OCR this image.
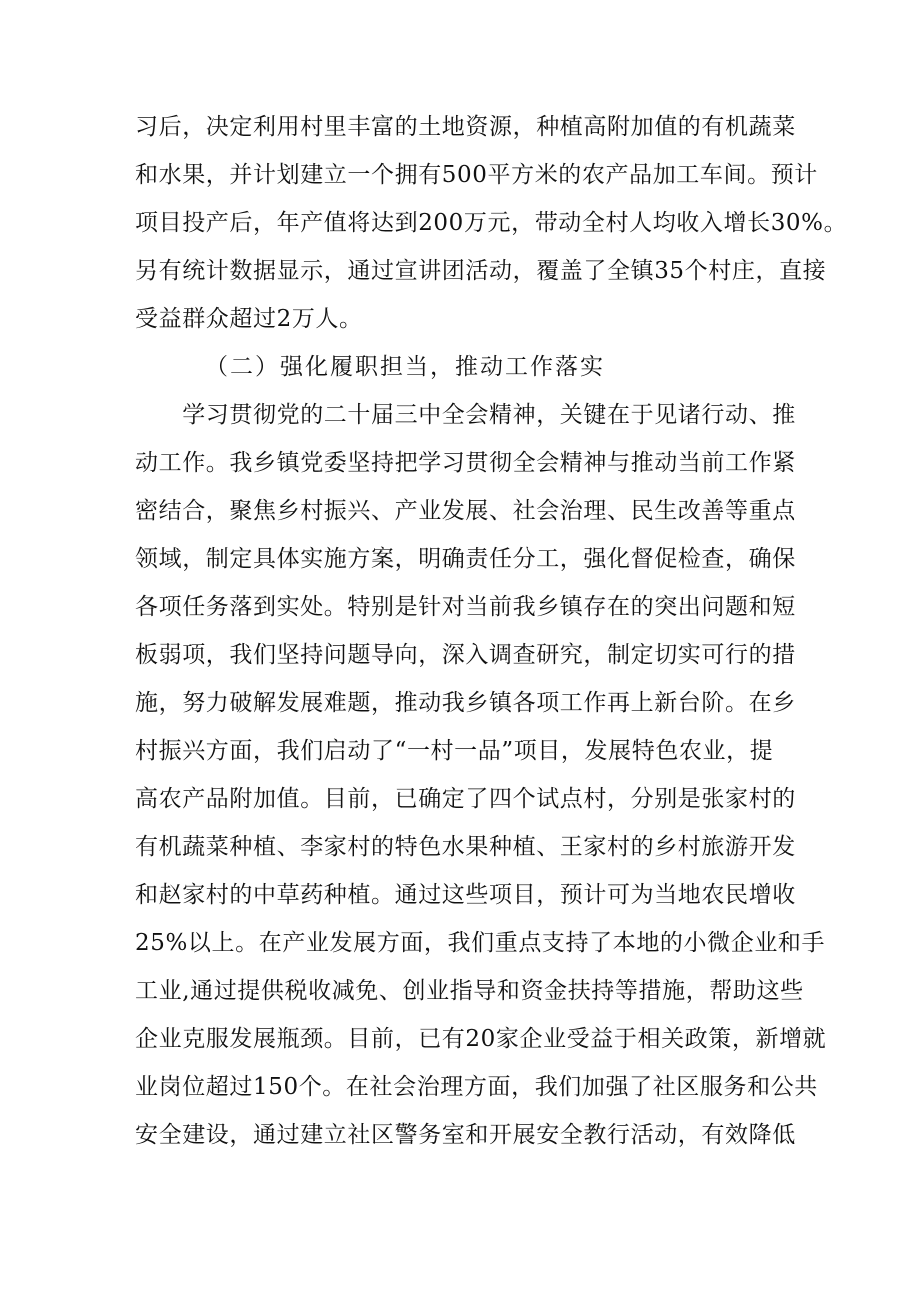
习后，决定利用村里丰富的土地资源，种植高附加值的有机蔬菜
和水果，并计划建立一个拥有500平方米的农产品加工车间。预计
项目投产后，年产值将达到200万元，带动全村人均收入增长30%。
另有统计数据显示，通过宣讲团活动，覆盖了全镇35个村庄，直接
受益群众超过2万人。
（二）强化履职担当，推动工作落实
　　学习贯彻党的二十届三中全会精神，关键在于见诸行动、推
动工作。我乡镇党委坚持把学习贯彻全会精神与推动当前工作紧
密结合，聚焦乡村振兴、产业发展、社会治理、民生改善等重点
领域，制定具体实施方案，明确责任分工，强化督促检查，确保
各项任务落到实处。特别是针对当前我乡镇存在的突出问题和短
板弱项，我们坚持问题导向，深入调查研究，制定切实可行的措
施，努力破解发展难题，推动我乡镇各项工作再上新台阶。在乡
村振兴方面，我们启动了“一村一品”项目，发展特色农业，提
高农产品附加值。目前，已确定了四个试点村，分别是张家村的
有机蔬菜种植、李家村的特色水果种植、王家村的乡村旅游开发
和赵家村的中草药种植。通过这些项目，预计可为当地农民增收
25%以上。在产业发展方面，我们重点支持了本地的小微企业和手
工业,通过提供税收减免、创业指导和资金扶持等措施，帮助这些
企业克服发展瓶颈。目前，已有20家企业受益于相关政策，新增就
业岗位超过150个。在社会治理方面，我们加强了社区服务和公共
安全建设，通过建立社区警务室和开展安全教行活动，有效降低
